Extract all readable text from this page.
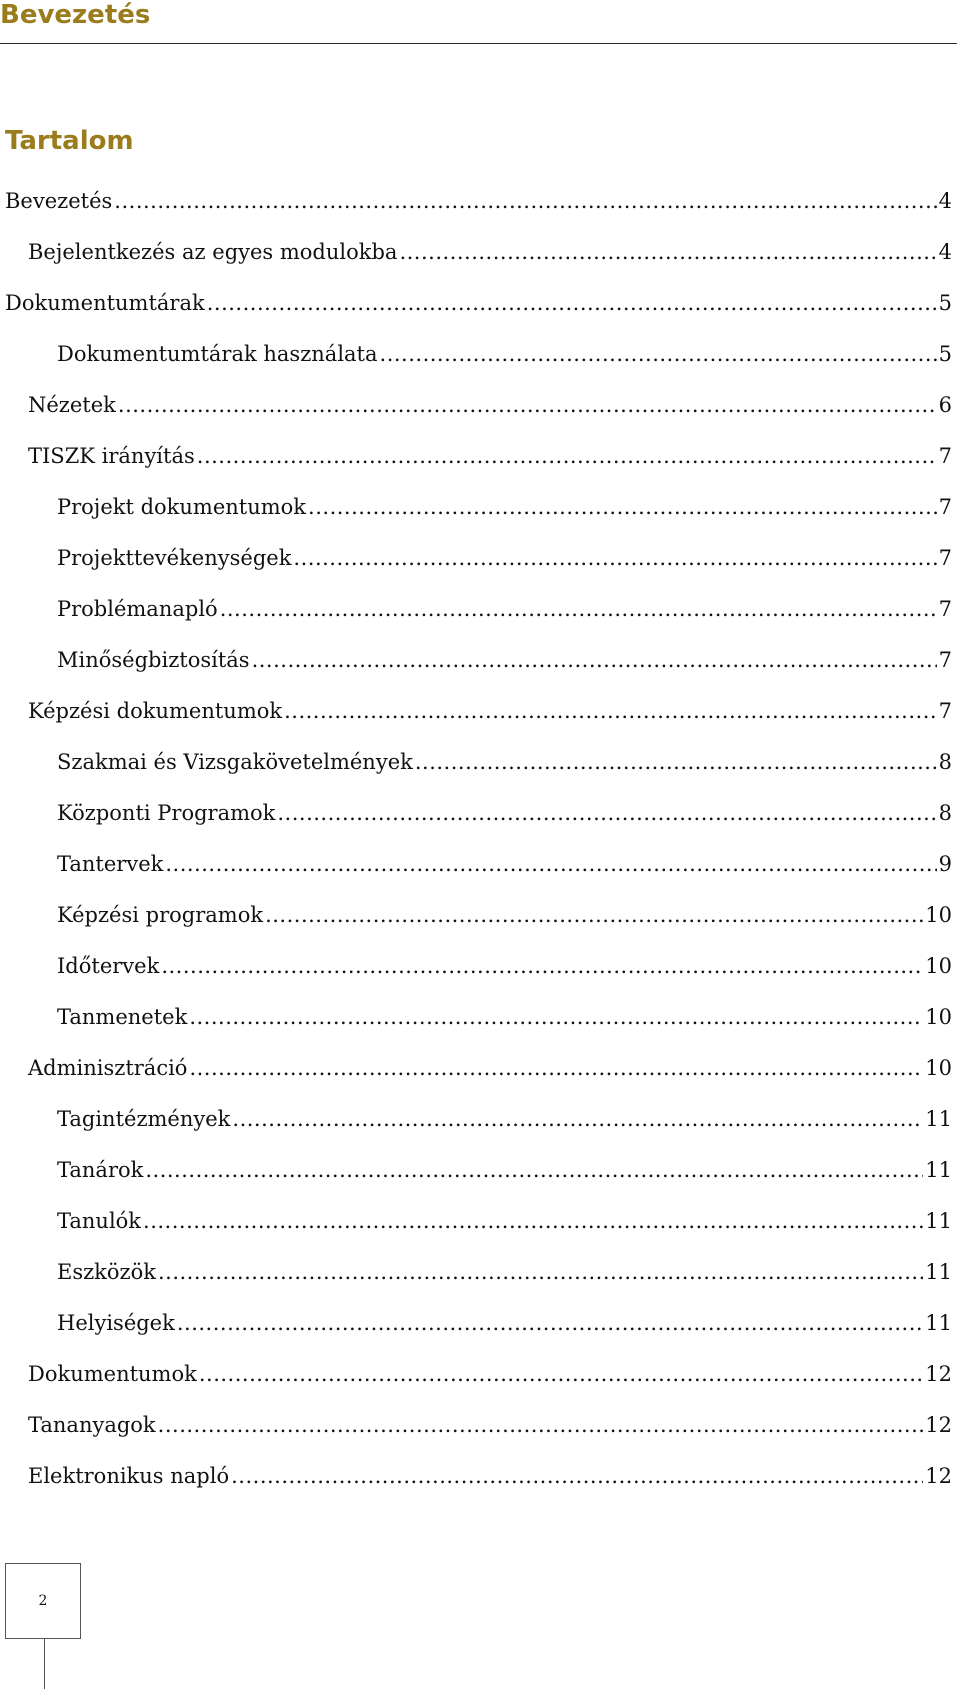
Bevezetés
Tartalom
Bevezetés .....	4
Bejelentkezés az egyes modulokba .....	4
Dokumentumtárak .....	5
Dokumentumtárak használata .....	5
Nézetek .....	6
TISZK irányítás .....	7
Projekt dokumentumok .....	7
Projekttevékenységek .....	7
Problémanapló .....	7
Minőségbiztosítás .....	7
Képzési dokumentumok .....	7
Szakmai és Vizsgakövetelmények .....	8
Központi Programok .....	8
Tantervek .....	9
Képzési programok .....	10
Időtervek .....	10
Tanmenetek .....	10
Adminisztráció .....	10
Tagintézmények .....	11
Tanárok .....	11
Tanulók .....	11
Eszközök .....	11
Helyiségek .....	11
Dokumentumok .....	12
Tananyagok .....	12
Elektronikus napló .....	12
2
